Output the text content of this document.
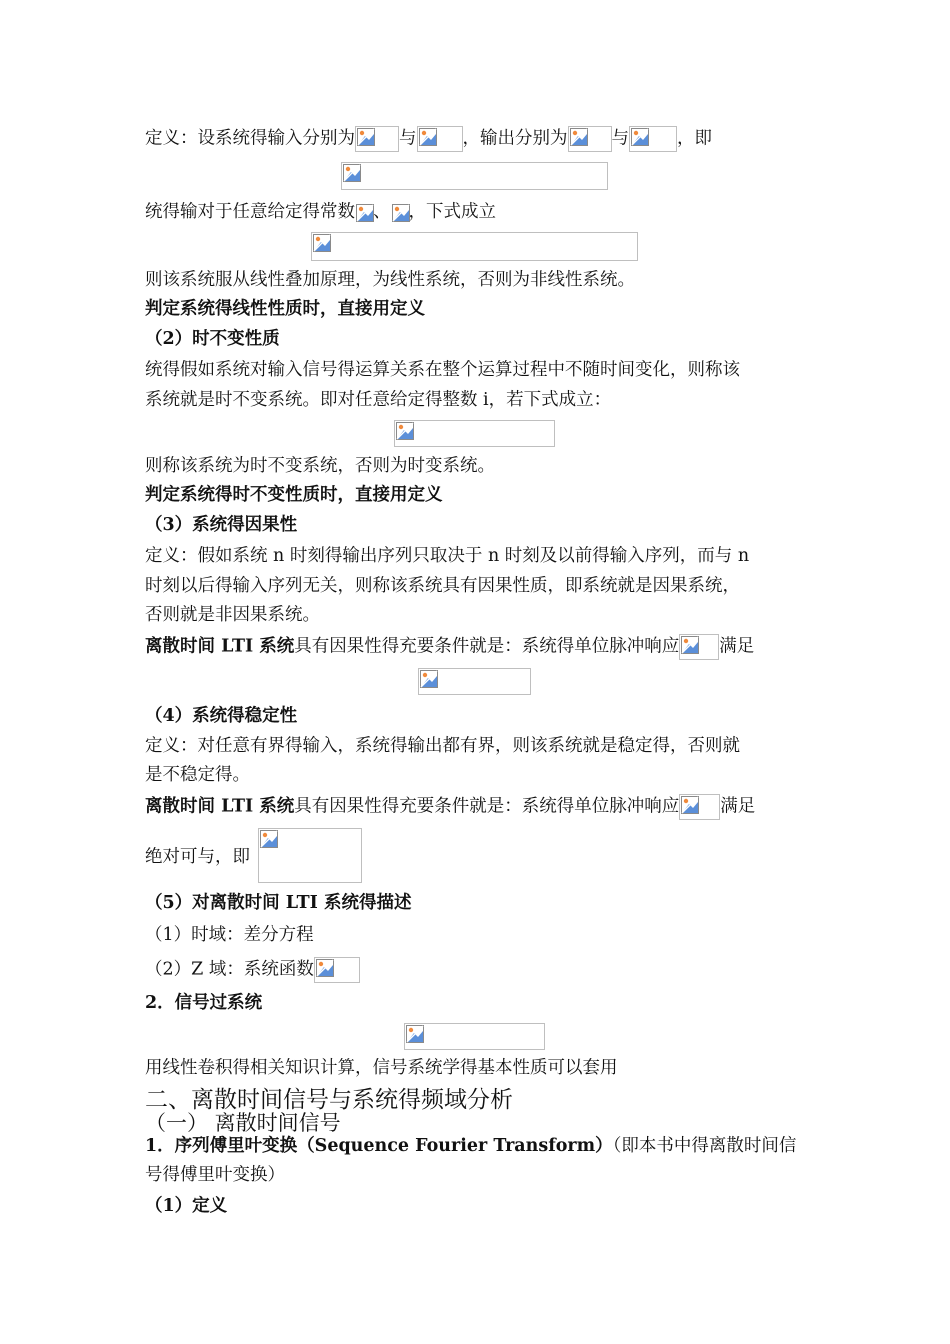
定义：设系统得输入分别为	与	，输出分别为	与	，即
统得输对于任意给定得常数 、 ，下式成立
则该系统服从线性叠加原理，为线性系统，否则为非线性系统。
判定系统得线性性质时，直接用定义
（2）时不变性质
统得假如系统对输入信号得运算关系在整个运算过程中不随时间变化，则称该
系统就是时不变系统。即对任意给定得整数 i，若下式成立：
则称该系统为时不变系统，否则为时变系统。
判定系统得时不变性质时，直接用定义
（3）系统得因果性
定义：假如系统 n 时刻得输出序列只取决于 n 时刻及以前得输入序列，而与 n
时刻以后得输入序列无关，则称该系统具有因果性质，即系统就是因果系统，
否则就是非因果系统。
离散时间 LTI 系统具有因果性得充要条件就是：系统得单位脉冲响应 满足
（4）系统得稳定性
定义：对任意有界得输入，系统得输出都有界，则该系统就是稳定得，否则就
是不稳定得。
离散时间 LTI 系统具有因果性得充要条件就是：系统得单位脉冲响应 满足
绝对可与，即
（5）对离散时间 LTI 系统得描述
（1）时域：差分方程
（2）Z 域：系统函数
2．信号过系统
用线性卷积得相关知识计算，信号系统学得基本性质可以套用
二、离散时间信号与系统得频域分析
（一） 离散时间信号
1．序列傅里叶变换（Sequence Fourier Transform）（即本书中得离散时间信
号得傅里叶变换）
（1）定义
